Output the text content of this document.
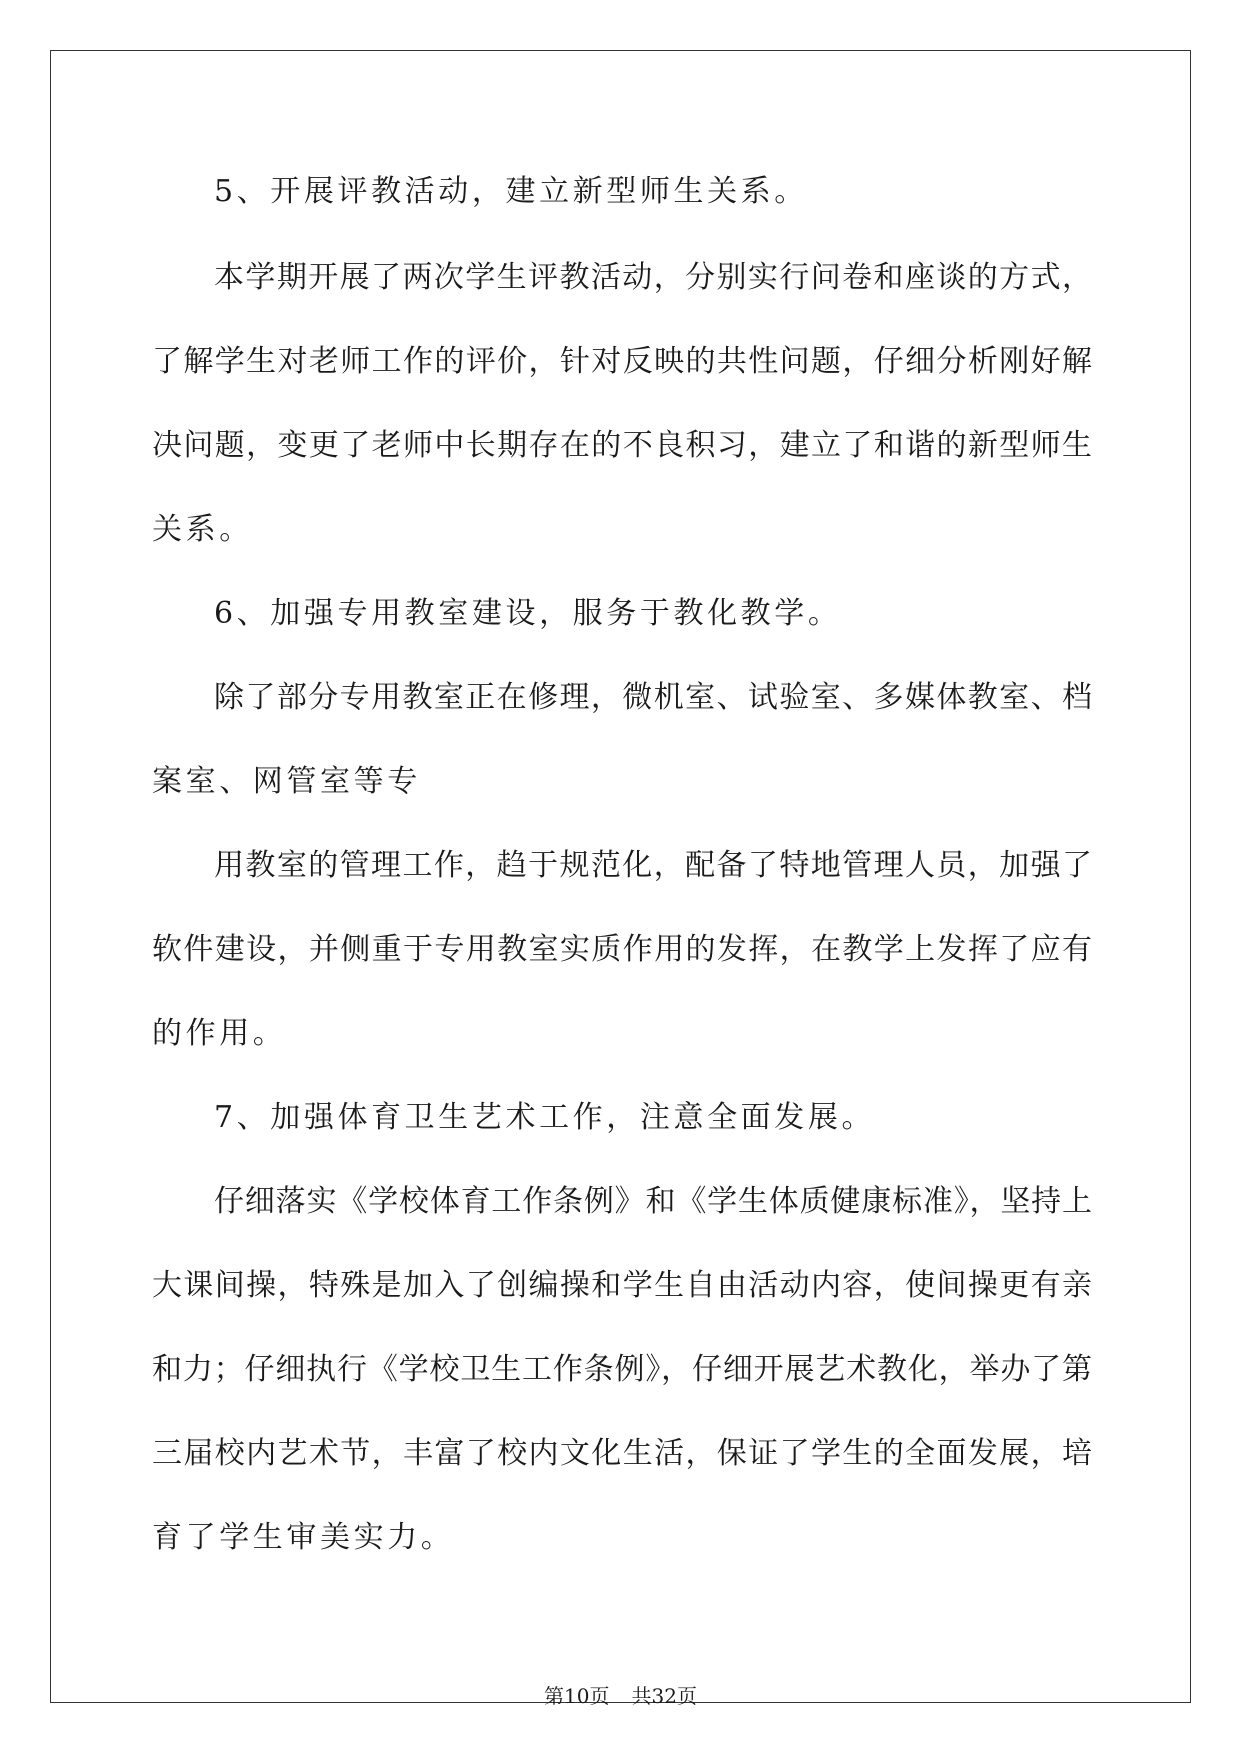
5、开展评教活动，建立新型师生关系。

本学期开展了两次学生评教活动，分别实行问卷和座谈的方式，

了解学生对老师工作的评价，针对反映的共性问题，仔细分析刚好解

决问题，变更了老师中长期存在的不良积习，建立了和谐的新型师生

关系。

6、加强专用教室建设，服务于教化教学。

除了部分专用教室正在修理，微机室、试验室、多媒体教室、档

案室、网管室等专

用教室的管理工作，趋于规范化，配备了特地管理人员，加强了

软件建设，并侧重于专用教室实质作用的发挥，在教学上发挥了应有

的作用。

7、加强体育卫生艺术工作，注意全面发展。

仔细落实《学校体育工作条例》和《学生体质健康标准》，坚持上

大课间操，特殊是加入了创编操和学生自由活动内容，使间操更有亲

和力；仔细执行《学校卫生工作条例》，仔细开展艺术教化，举办了第

三届校内艺术节，丰富了校内文化生活，保证了学生的全面发展，培

育了学生审美实力。

第10页 共32页
